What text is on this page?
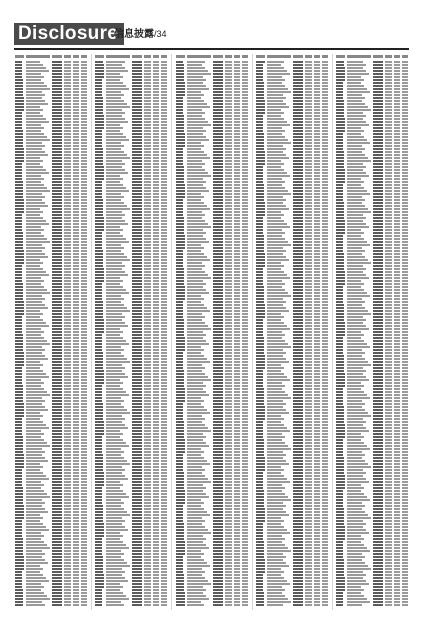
Disclosure
信息披露/34
